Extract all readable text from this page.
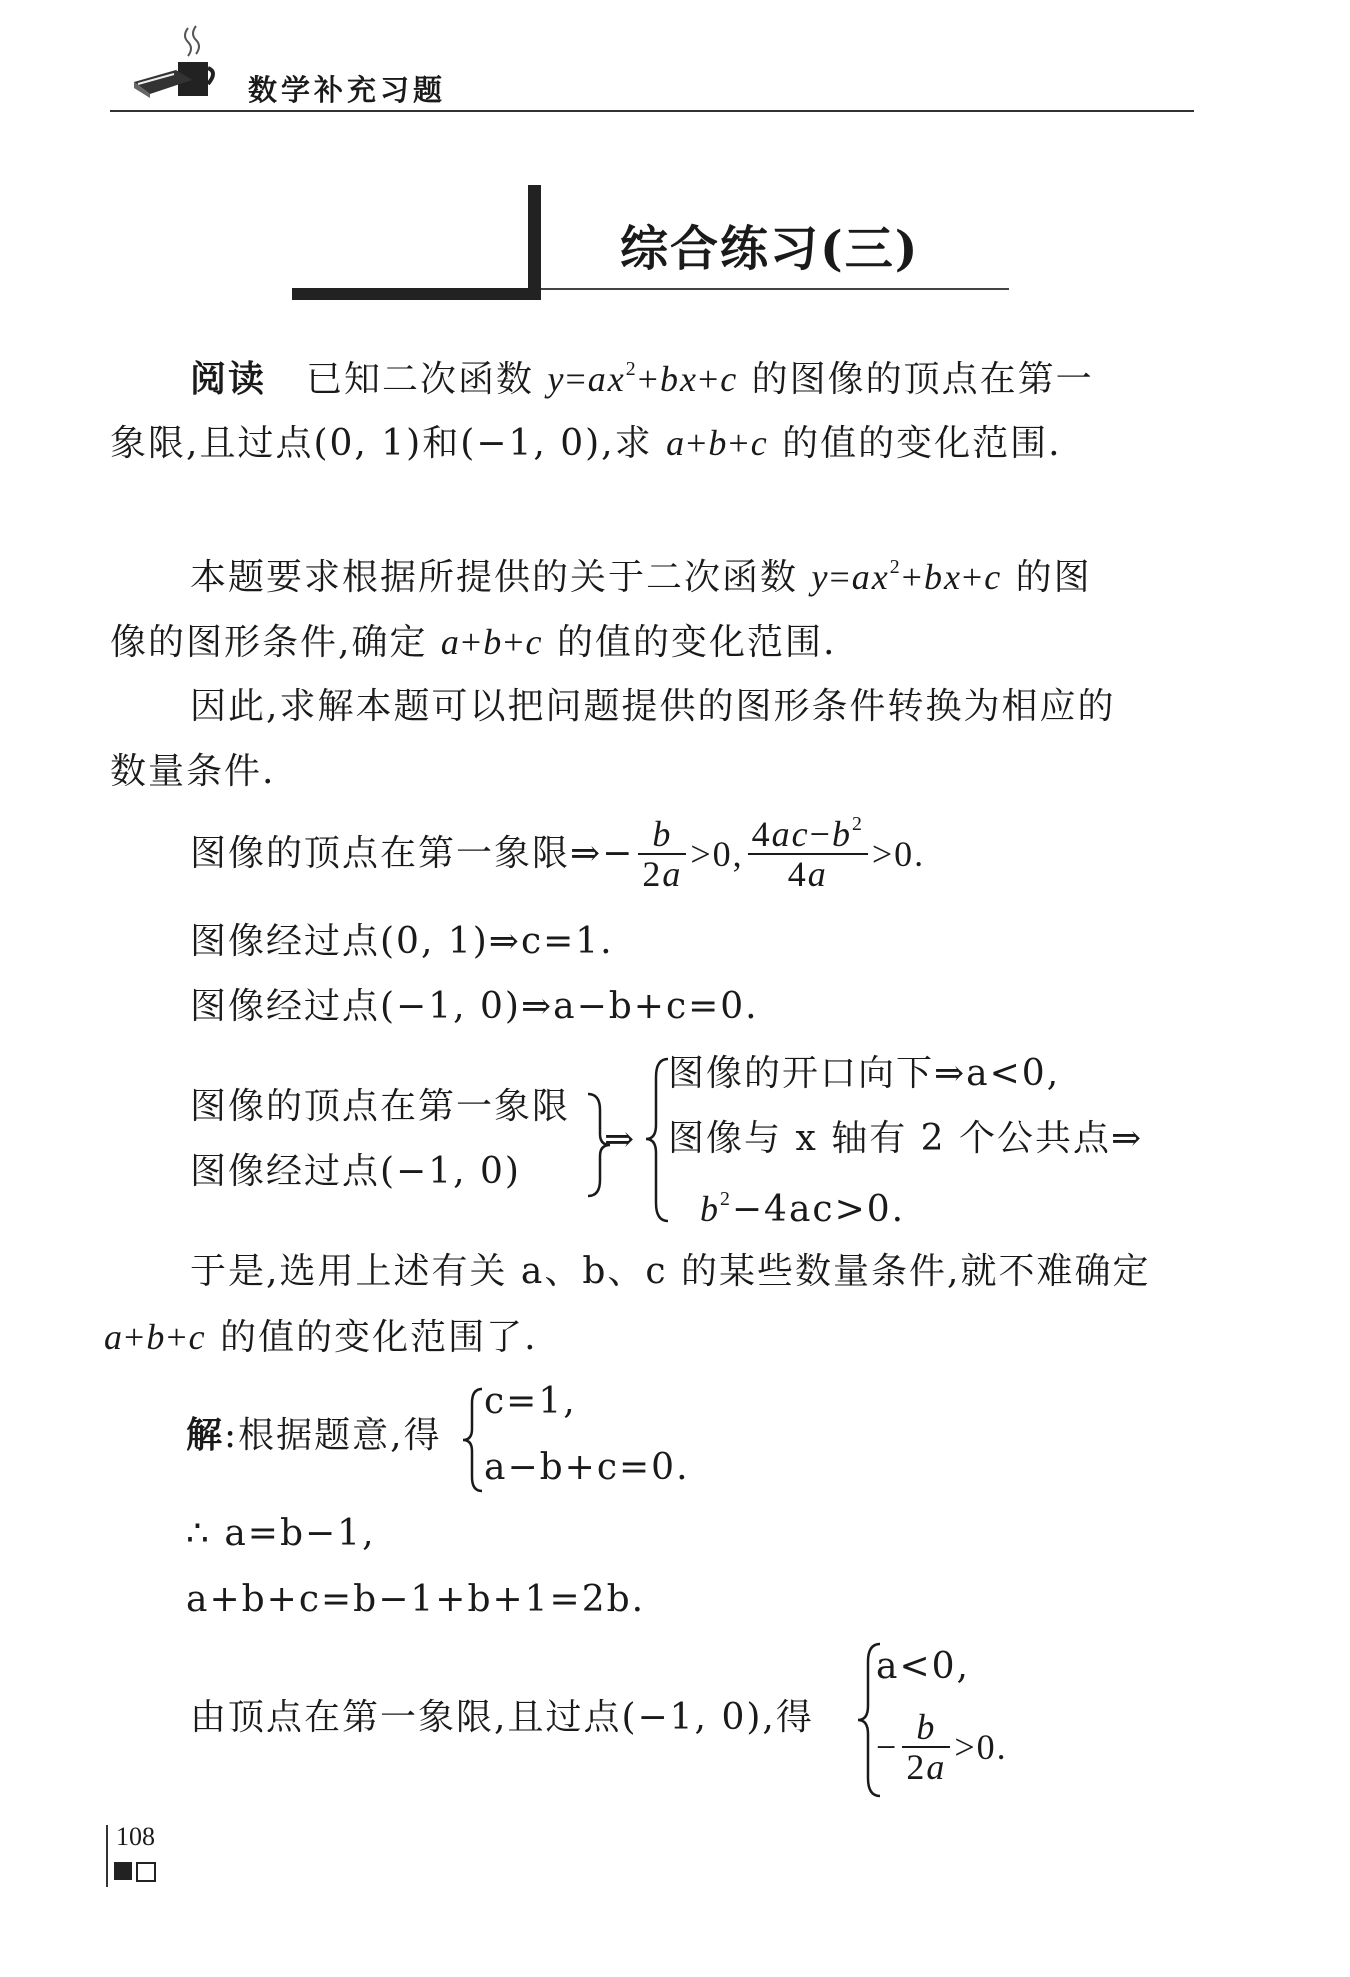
数学补充习题
综合练习(三)
阅读 已知二次函数 $y=ax^2+bx+c$ 的图像的顶点在第一
象限,且过点(0, 1)和(−1, 0),求 a+b+c 的值的变化范围.
本题要求根据所提供的关于二次函数 $y=ax^2+bx+c$ 的图
像的图形条件,确定 a+b+c 的值的变化范围.
因此,求解本题可以把问题提供的图形条件转换为相应的
数量条件.
图像的顶点在第一象限⇒− $\frac{b}{2a} >0$, $\frac{4ac-b^2}{4a} >0$.
图像经过点(0, 1)⇒c=1.
图像经过点(−1, 0)⇒a−b+c=0.
图像的顶点在第一象限
图像经过点(−1, 0)
⇒
图像的开口向下⇒a<0,
图像与 x 轴有 2 个公共点⇒
$b^2-4ac>0$.
于是,选用上述有关 a、b、c 的某些数量条件,就不难确定
a+b+c 的值的变化范围了.
解:根据题意,得
c=1,
a−b+c=0.
∴ a=b−1,
a+b+c=b−1+b+1=2b.
由顶点在第一象限,且过点(−1, 0),得
a<0,
− $\frac{b}{2a} >0$.
108
